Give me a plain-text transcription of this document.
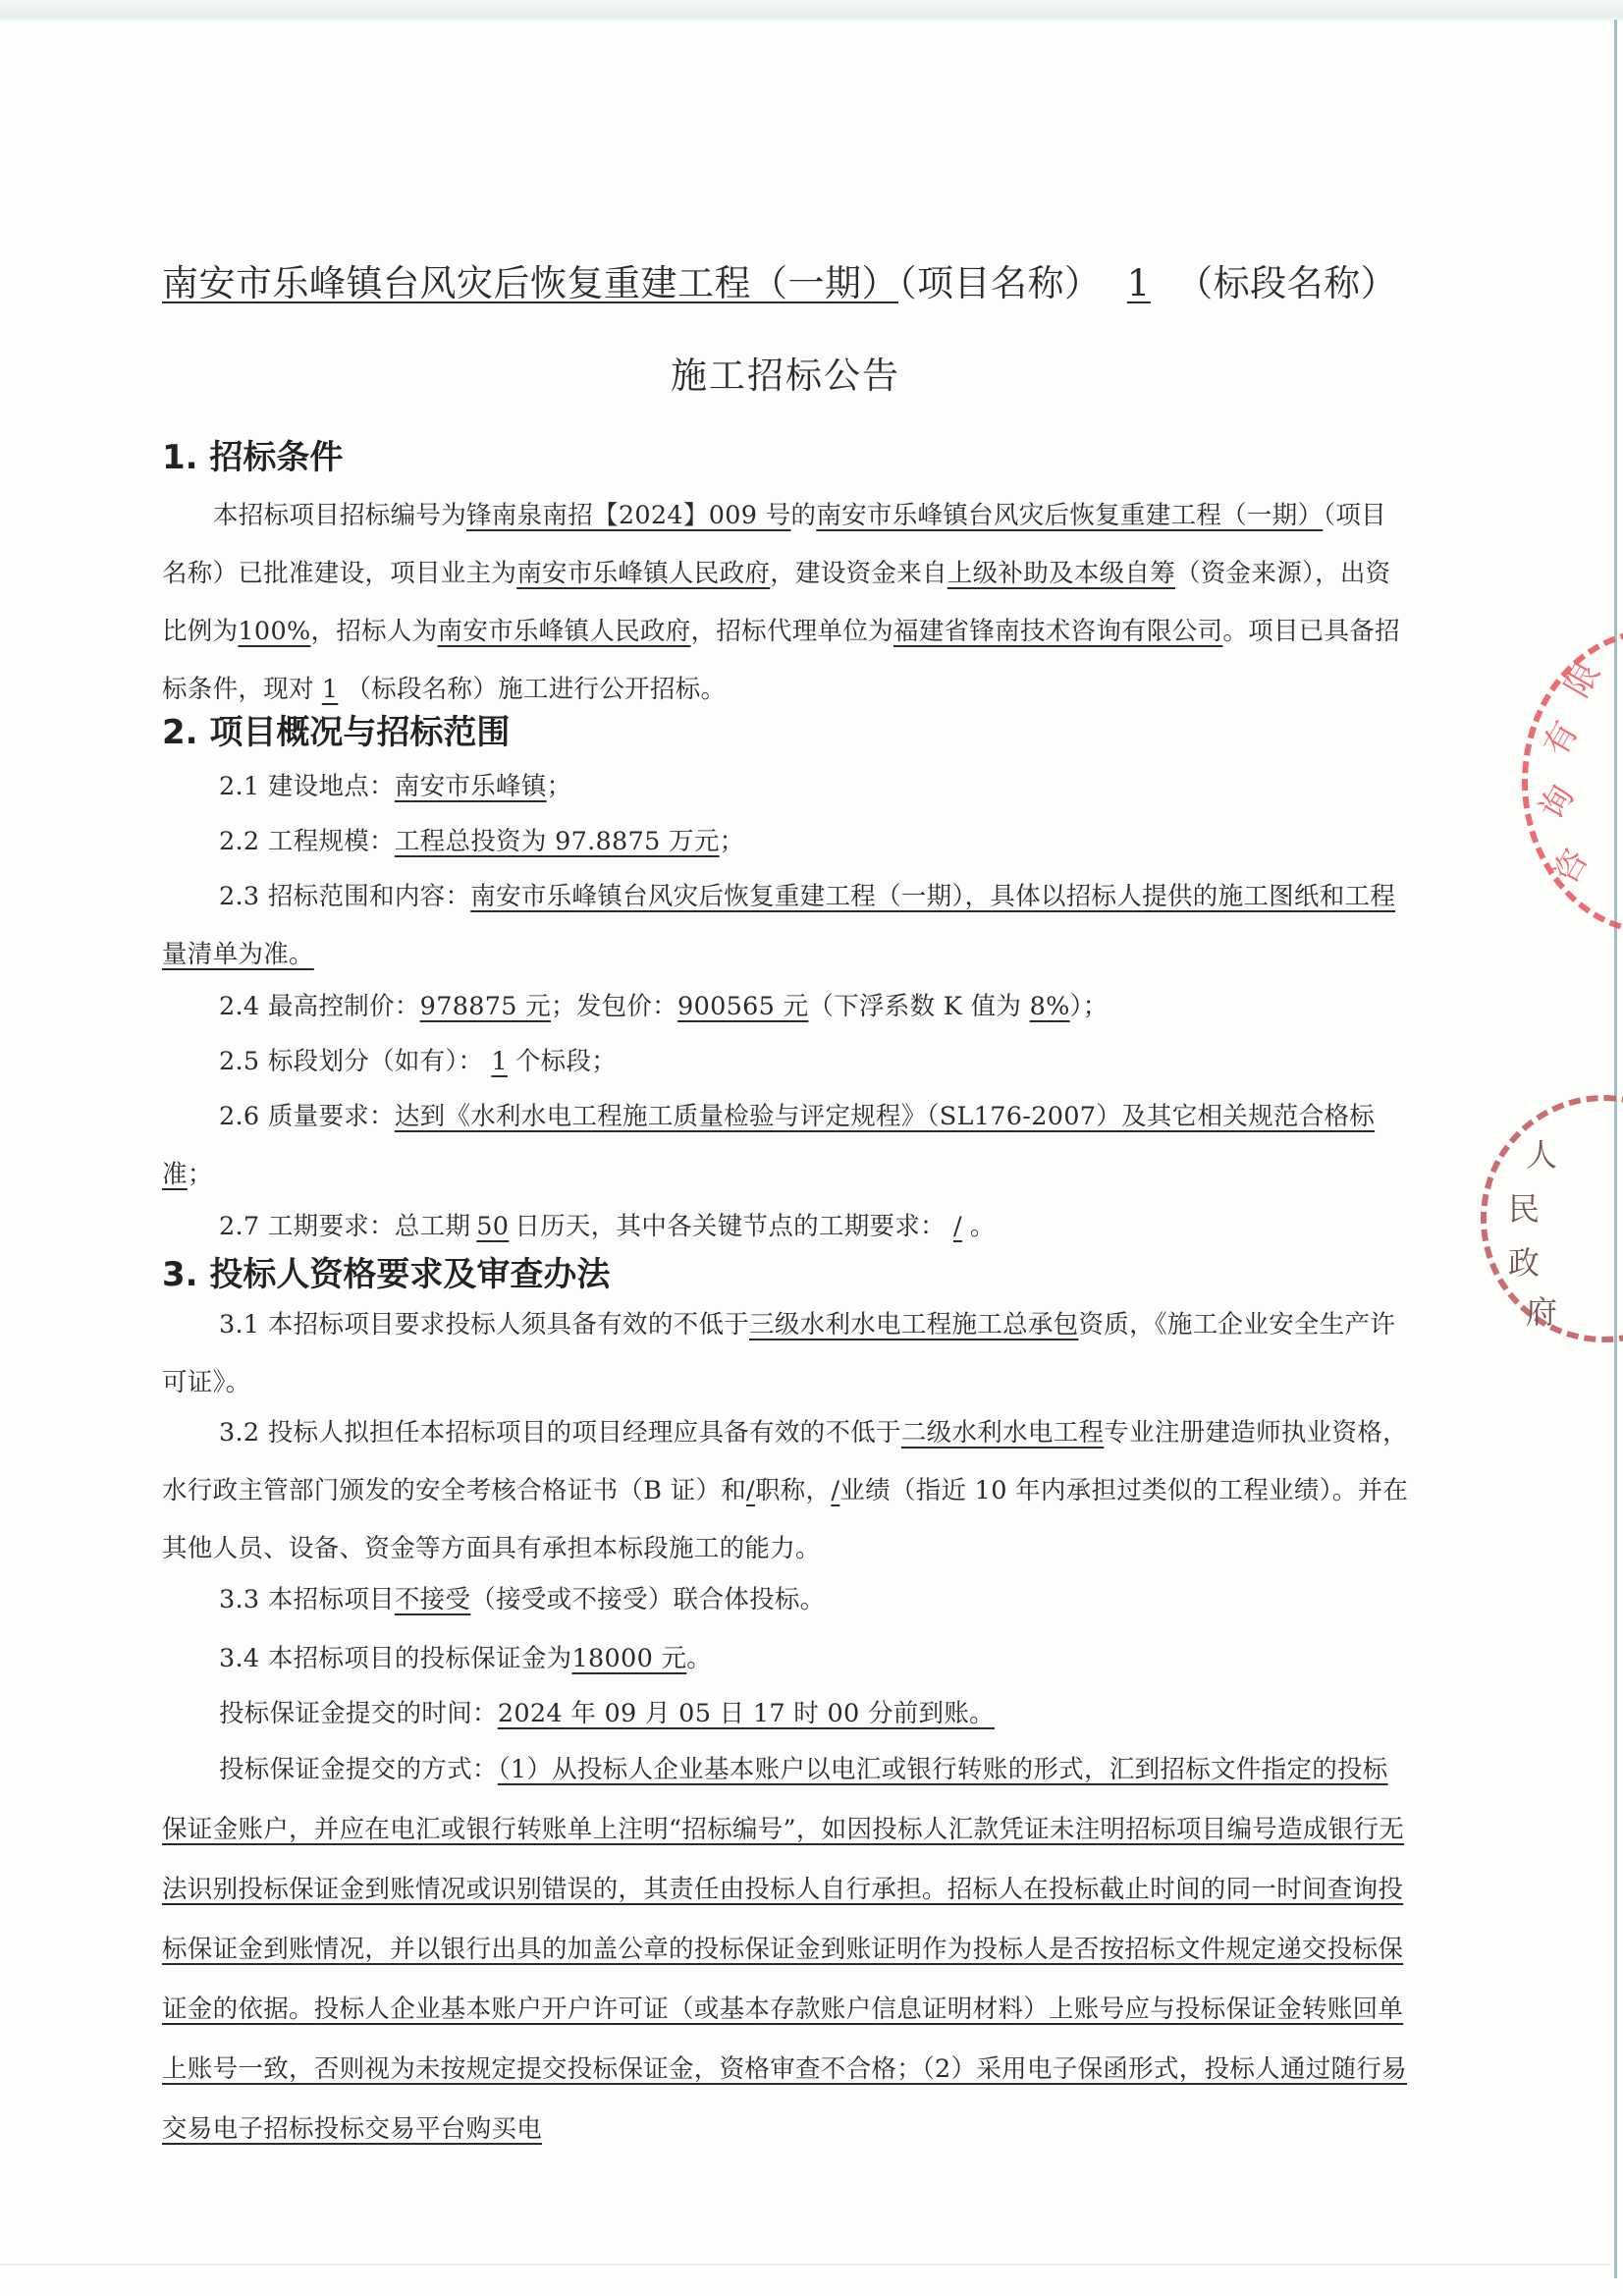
南安市乐峰镇台风灾后恢复重建工程（一期）（项目名称） 1 （标段名称）
施工招标公告
1. 招标条件
本招标项目招标编号为锋南泉南招【2024】009 号的南安市乐峰镇台风灾后恢复重建工程（一期）（项目名称）已批准建设，项目业主为南安市乐峰镇人民政府，建设资金来自上级补助及本级自筹（资金来源），出资比例为100%，招标人为南安市乐峰镇人民政府，招标代理单位为福建省锋南技术咨询有限公司。项目已具备招标条件，现对 1 （标段名称）施工进行公开招标。
2. 项目概况与招标范围
2.1 建设地点：南安市乐峰镇；
2.2 工程规模：工程总投资为 97.8875 万元；
2.3 招标范围和内容：南安市乐峰镇台风灾后恢复重建工程（一期），具体以招标人提供的施工图纸和工程量清单为准。
2.4 最高控制价：978875 元；发包价：900565 元（下浮系数 K 值为 8%）；
2.5 标段划分（如有）： 1 个标段；
2.6 质量要求：达到《水利水电工程施工质量检验与评定规程》（SL176-2007）及其它相关规范合格标准；
2.7 工期要求：总工期 50 日历天，其中各关键节点的工期要求： / 。
3. 投标人资格要求及审查办法
3.1 本招标项目要求投标人须具备有效的不低于三级水利水电工程施工总承包资质，《施工企业安全生产许可证》。
3.2 投标人拟担任本招标项目的项目经理应具备有效的不低于二级水利水电工程专业注册建造师执业资格，水行政主管部门颁发的安全考核合格证书（B 证）和/职称，/业绩（指近 10 年内承担过类似的工程业绩）。并在其他人员、设备、资金等方面具有承担本标段施工的能力。
3.3 本招标项目不接受（接受或不接受）联合体投标。
3.4 本招标项目的投标保证金为18000 元。
投标保证金提交的时间：2024 年 09 月 05 日 17 时 00 分前到账。
投标保证金提交的方式：（1）从投标人企业基本账户以电汇或银行转账的形式，汇到招标文件指定的投标保证金账户，并应在电汇或银行转账单上注明“招标编号”，如因投标人汇款凭证未注明招标项目编号造成银行无法识别投标保证金到账情况或识别错误的，其责任由投标人自行承担。招标人在投标截止时间的同一时间查询投标保证金到账情况，并以银行出具的加盖公章的投标保证金到账证明作为投标人是否按招标文件规定递交投标保证金的依据。投标人企业基本账户开户许可证（或基本存款账户信息证明材料）上账号应与投标保证金转账回单上账号一致，否则视为未按规定提交投标保证金，资格审查不合格；（2）采用电子保函形式，投标人通过随行易交易电子招标投标交易平台购买电
限
有
询
咨
人
民
政
府
